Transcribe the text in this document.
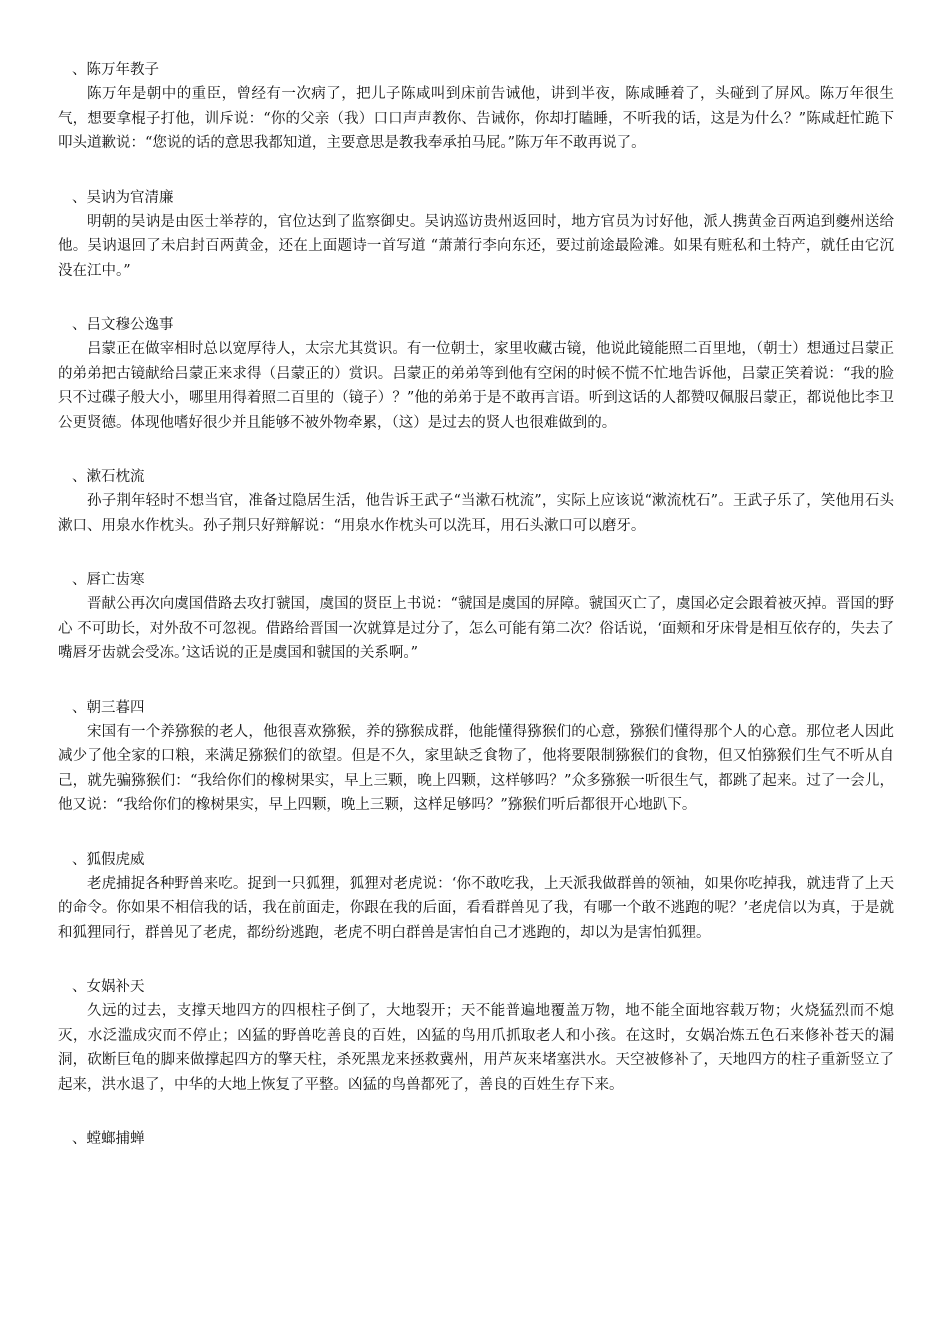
、陈万年教子

陈万年是朝中的重臣，曾经有一次病了，把儿子陈咸叫到床前告诫他，讲到半夜，陈咸睡着了，头碰到了屏风。陈万年很生气，想要拿棍子打他，训斥说：“你的父亲（我）口口声声教你、告诫你，你却打瞌睡，不听我的话，这是为什么？”陈咸赶忙跪下叩头道歉说：“您说的话的意思我都知道，主要意思是教我奉承拍马屁。”陈万年不敢再说了。

、吴讷为官清廉

明朝的吴讷是由医士举荐的，官位达到了监察御史。吴讷巡访贵州返回时，地方官员为讨好他，派人携黄金百两追到夔州送给他。吴讷退回了未启封百两黄金，还在上面题诗一首写道 “萧萧行李向东还，要过前途最险滩。如果有赃私和土特产，就任由它沉没在江中。”

、吕文穆公逸事

吕蒙正在做宰相时总以宽厚待人，太宗尤其赏识。有一位朝士，家里收藏古镜，他说此镜能照二百里地，（朝士）想通过吕蒙正的弟弟把古镜献给吕蒙正来求得（吕蒙正的）赏识。吕蒙正的弟弟等到他有空闲的时候不慌不忙地告诉他，吕蒙正笑着说：“我的脸只不过碟子般大小，哪里用得着照二百里的（镜子）？”他的弟弟于是不敢再言语。听到这话的人都赞叹佩服吕蒙正，都说他比李卫公更贤德。体现他嗜好很少并且能够不被外物牵累，（这）是过去的贤人也很难做到的。

、漱石枕流

孙子荆年轻时不想当官，准备过隐居生活，他告诉王武子“当漱石枕流”，实际上应该说“漱流枕石”。王武子乐了，笑他用石头漱口、用泉水作枕头。孙子荆只好辩解说：“用泉水作枕头可以洗耳，用石头漱口可以磨牙。

、唇亡齿寒

晋献公再次向虞国借路去攻打虢国，虞国的贤臣上书说：“虢国是虞国的屏障。虢国灭亡了，虞国必定会跟着被灭掉。晋国的野心 不可助长，对外敌不可忽视。借路给晋国一次就算是过分了，怎么可能有第二次？俗话说，‘面颊和牙床骨是相互依存的，失去了 嘴唇牙齿就会受冻。’这话说的正是虞国和虢国的关系啊。”

、朝三暮四

宋国有一个养猕猴的老人，他很喜欢猕猴，养的猕猴成群，他能懂得猕猴们的心意，猕猴们懂得那个人的心意。那位老人因此减少了他全家的口粮，来满足猕猴们的欲望。但是不久，家里缺乏食物了，他将要限制猕猴们的食物，但又怕猕猴们生气不听从自己，就先骗猕猴们：“我给你们的橡树果实，早上三颗，晚上四颗，这样够吗？”众多猕猴一听很生气，都跳了起来。过了一会儿，他又说：“我给你们的橡树果实，早上四颗，晚上三颗，这样足够吗？”猕猴们听后都很开心地趴下。

、狐假虎威

老虎捕捉各种野兽来吃。捉到一只狐狸，狐狸对老虎说：‘你不敢吃我，上天派我做群兽的领袖，如果你吃掉我，就违背了上天的命令。你如果不相信我的话，我在前面走，你跟在我的后面，看看群兽见了我，有哪一个敢不逃跑的呢？’老虎信以为真，于是就和狐狸同行，群兽见了老虎，都纷纷逃跑，老虎不明白群兽是害怕自己才逃跑的，却以为是害怕狐狸。

、女娲补天

久远的过去，支撑天地四方的四根柱子倒了，大地裂开；天不能普遍地覆盖万物，地不能全面地容载万物；火烧猛烈而不熄灭，水泛滥成灾而不停止；凶猛的野兽吃善良的百姓，凶猛的鸟用爪抓取老人和小孩。在这时，女娲冶炼五色石来修补苍天的漏洞，砍断巨龟的脚来做撑起四方的擎天柱，杀死黑龙来拯救冀州，用芦灰来堵塞洪水。天空被修补了，天地四方的柱子重新竖立了起来，洪水退了，中华的大地上恢复了平整。凶猛的鸟兽都死了，善良的百姓生存下来。

、螳螂捕蝉
